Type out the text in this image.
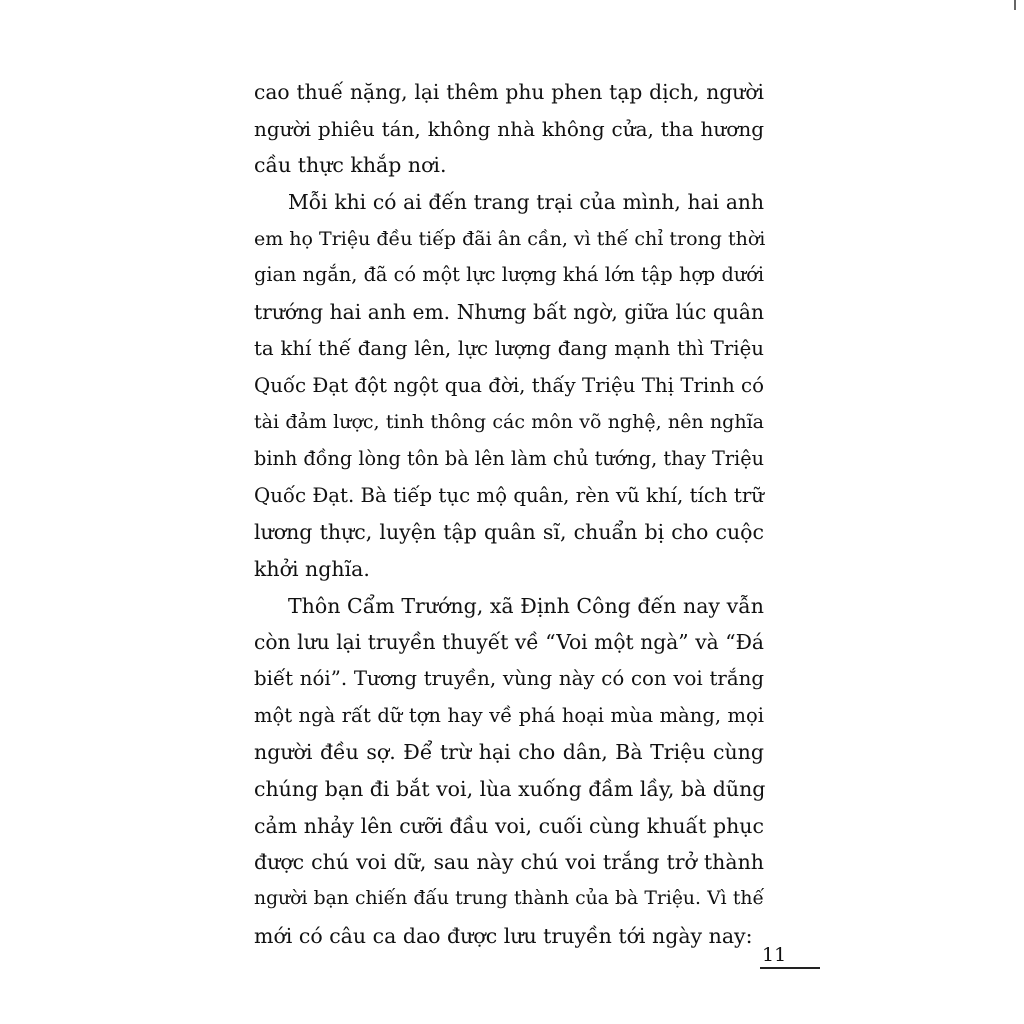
cao thuế nặng, lại thêm phu phen tạp dịch, người
người phiêu tán, không nhà không cửa, tha hương
cầu thực khắp nơi.
Mỗi khi có ai đến trang trại của mình, hai anh
em họ Triệu đều tiếp đãi ân cần, vì thế chỉ trong thời
gian ngắn, đã có một lực lượng khá lớn tập hợp dưới
trướng hai anh em. Nhưng bất ngờ, giữa lúc quân
ta khí thế đang lên, lực lượng đang mạnh thì Triệu
Quốc Đạt đột ngột qua đời, thấy Triệu Thị Trinh có
tài đảm lược, tinh thông các môn võ nghệ, nên nghĩa
binh đồng lòng tôn bà lên làm chủ tướng, thay Triệu
Quốc Đạt. Bà tiếp tục mộ quân, rèn vũ khí, tích trữ
lương thực, luyện tập quân sĩ, chuẩn bị cho cuộc
khởi nghĩa.
Thôn Cẩm Trướng, xã Định Công đến nay vẫn
còn lưu lại truyền thuyết về “Voi một ngà” và “Đá
biết nói”. Tương truyền, vùng này có con voi trắng
một ngà rất dữ tợn hay về phá hoại mùa màng, mọi
người đều sợ. Để trừ hại cho dân, Bà Triệu cùng
chúng bạn đi bắt voi, lùa xuống đầm lầy, bà dũng
cảm nhảy lên cưỡi đầu voi, cuối cùng khuất phục
được chú voi dữ, sau này chú voi trắng trở thành
người bạn chiến đấu trung thành của bà Triệu. Vì thế
mới có câu ca dao được lưu truyền tới ngày nay:
11
